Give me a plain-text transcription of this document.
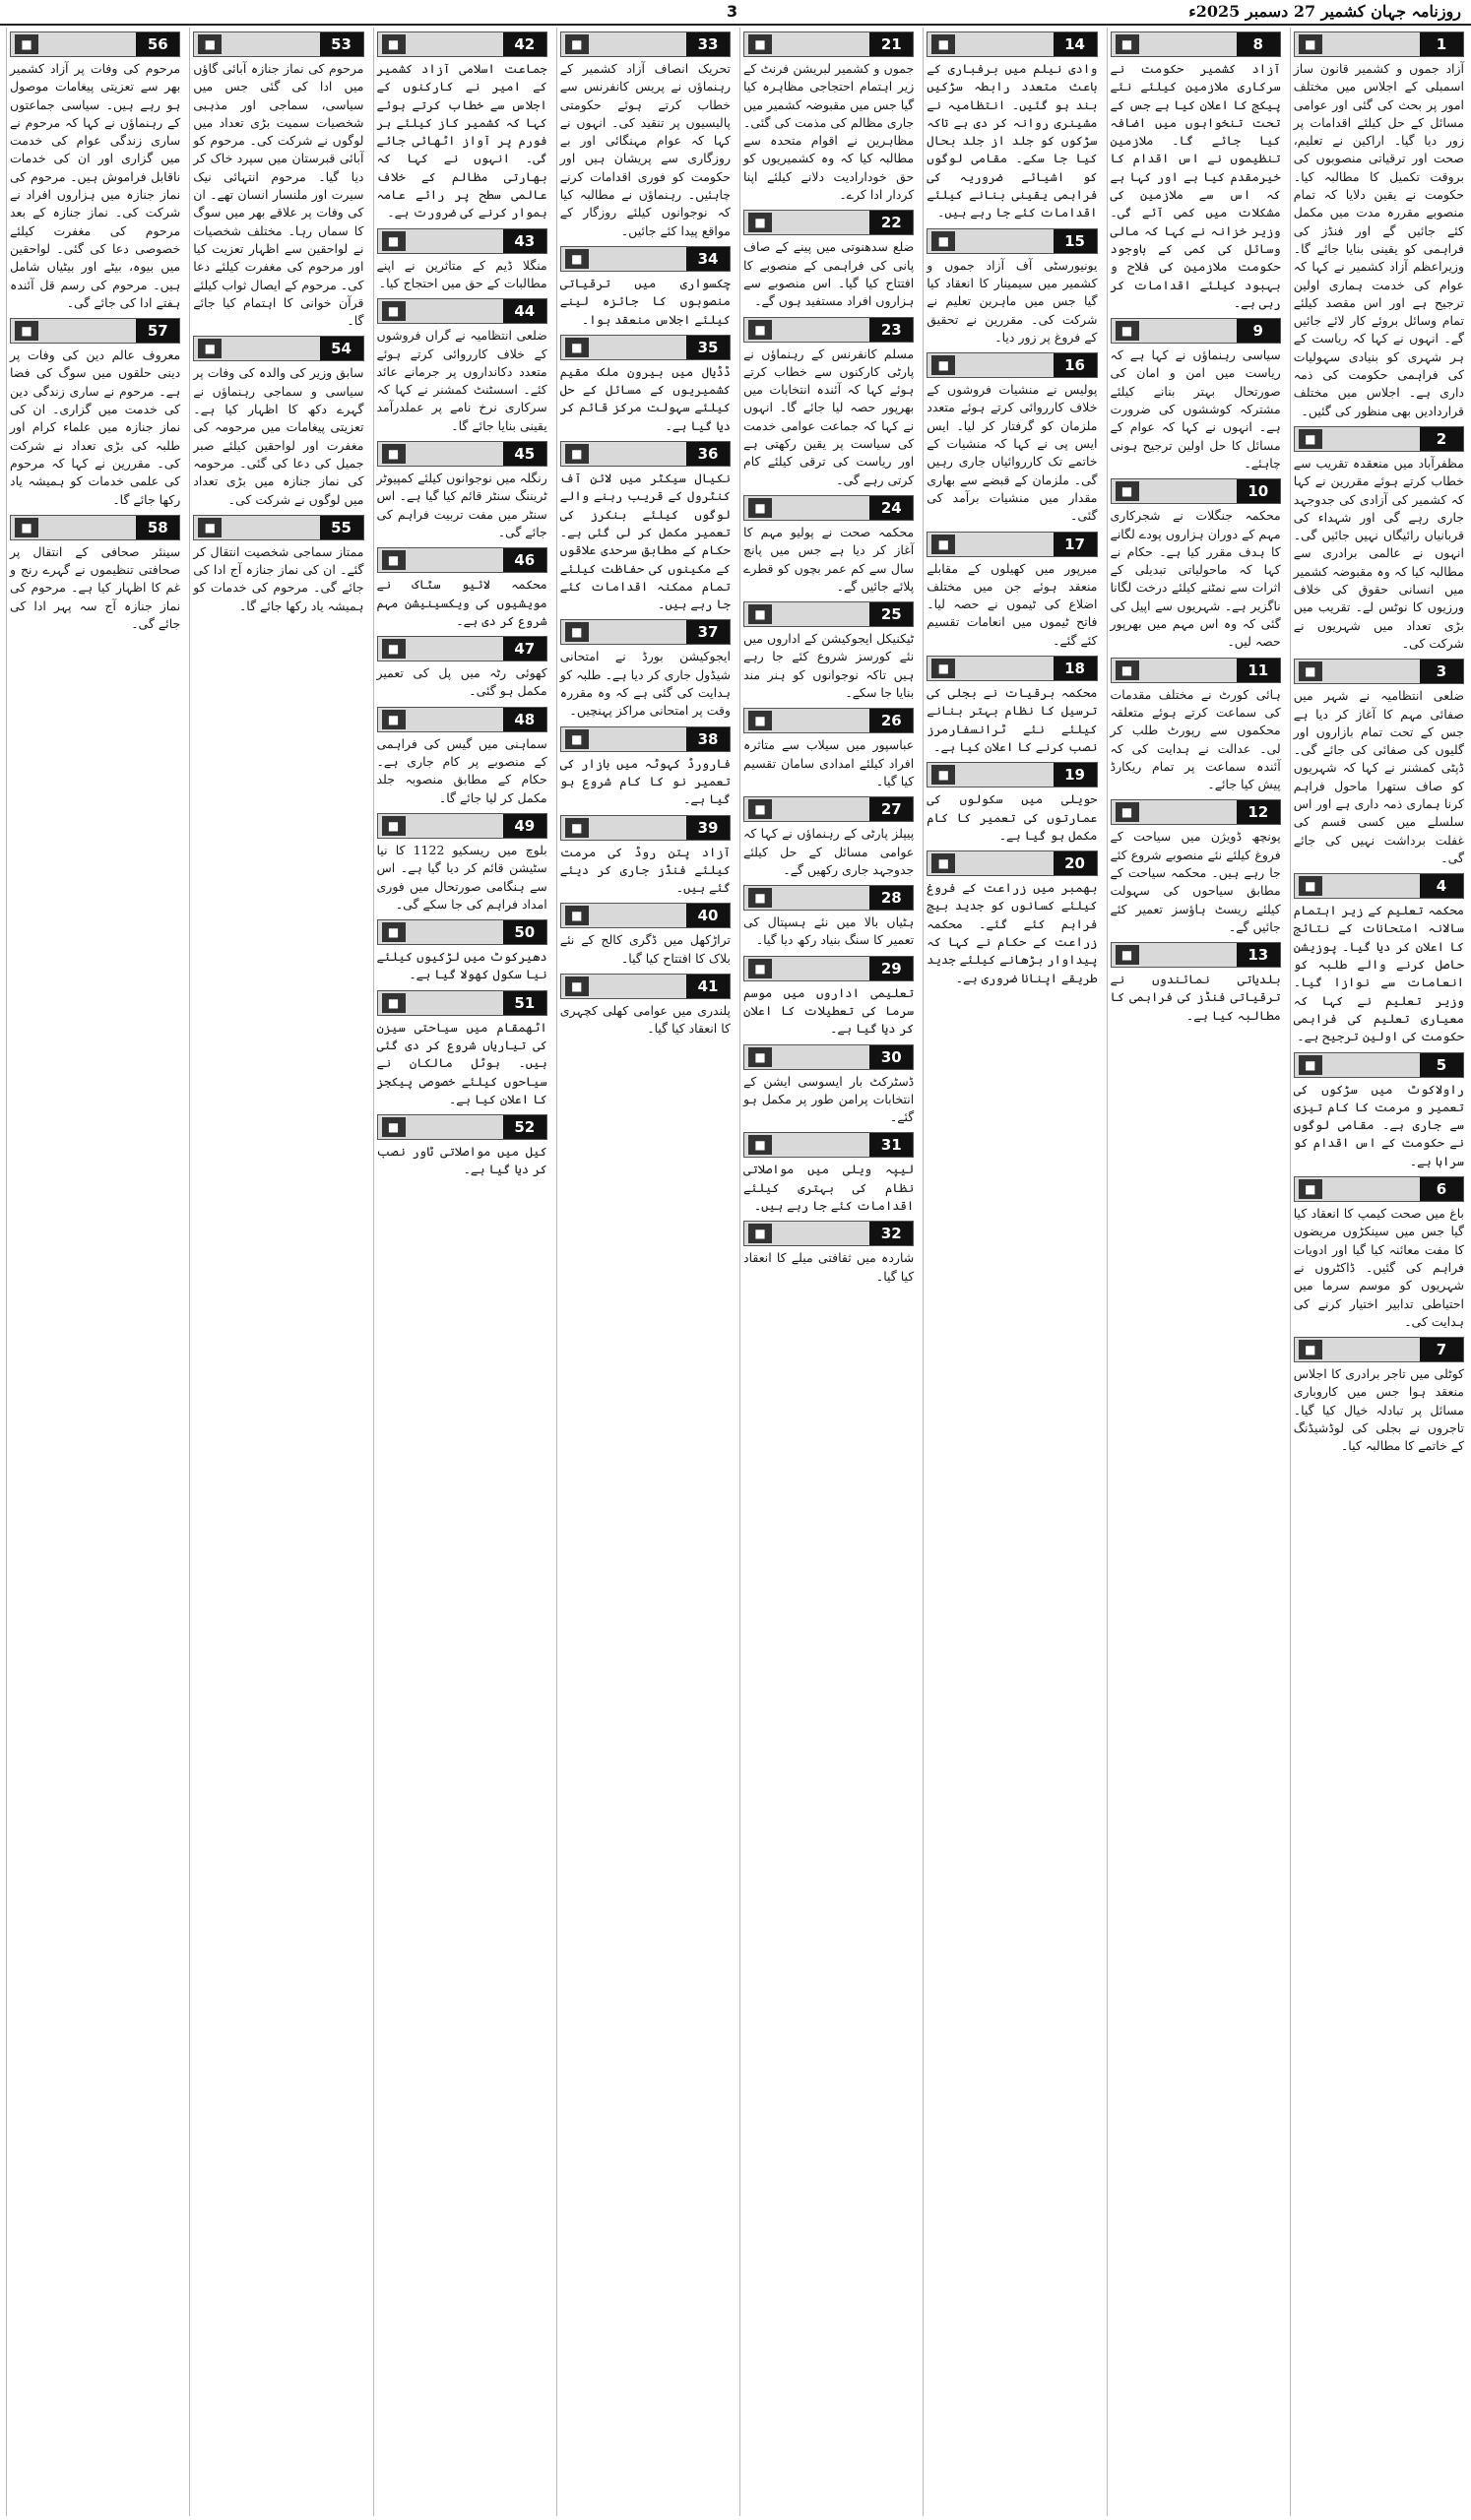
روزنامہ جہان کشمیر 27 دسمبر 2025ء
3
1
■
آزاد جموں و کشمیر قانون ساز اسمبلی کے اجلاس میں مختلف امور پر بحث کی گئی اور عوامی مسائل کے حل کیلئے اقدامات پر زور دیا گیا۔ اراکین نے تعلیم، صحت اور ترقیاتی منصوبوں کی بروقت تکمیل کا مطالبہ کیا۔ حکومت نے یقین دلایا کہ تمام منصوبے مقررہ مدت میں مکمل کئے جائیں گے اور فنڈز کی فراہمی کو یقینی بنایا جائے گا۔ وزیراعظم آزاد کشمیر نے کہا کہ عوام کی خدمت ہماری اولین ترجیح ہے اور اس مقصد کیلئے تمام وسائل بروئے کار لائے جائیں گے۔ انہوں نے کہا کہ ریاست کے ہر شہری کو بنیادی سہولیات کی فراہمی حکومت کی ذمہ داری ہے۔ اجلاس میں مختلف قراردادیں بھی منظور کی گئیں۔
2
■
مظفرآباد میں منعقدہ تقریب سے خطاب کرتے ہوئے مقررین نے کہا کہ کشمیر کی آزادی کی جدوجہد جاری رہے گی اور شہداء کی قربانیاں رائیگاں نہیں جائیں گی۔ انہوں نے عالمی برادری سے مطالبہ کیا کہ وہ مقبوضہ کشمیر میں انسانی حقوق کی خلاف ورزیوں کا نوٹس لے۔ تقریب میں بڑی تعداد میں شہریوں نے شرکت کی۔
3
■
ضلعی انتظامیہ نے شہر میں صفائی مہم کا آغاز کر دیا ہے جس کے تحت تمام بازاروں اور گلیوں کی صفائی کی جائے گی۔ ڈپٹی کمشنر نے کہا کہ شہریوں کو صاف ستھرا ماحول فراہم کرنا ہماری ذمہ داری ہے اور اس سلسلے میں کسی قسم کی غفلت برداشت نہیں کی جائے گی۔
4
■
محکمہ تعلیم کے زیر اہتمام سالانہ امتحانات کے نتائج کا اعلان کر دیا گیا۔ پوزیشن حاصل کرنے والے طلبہ کو انعامات سے نوازا گیا۔ وزیر تعلیم نے کہا کہ معیاری تعلیم کی فراہمی حکومت کی اولین ترجیح ہے۔
5
■
راولاکوٹ میں سڑکوں کی تعمیر و مرمت کا کام تیزی سے جاری ہے۔ مقامی لوگوں نے حکومت کے اس اقدام کو سراہا ہے۔
6
■
باغ میں صحت کیمپ کا انعقاد کیا گیا جس میں سینکڑوں مریضوں کا مفت معائنہ کیا گیا اور ادویات فراہم کی گئیں۔ ڈاکٹروں نے شہریوں کو موسم سرما میں احتیاطی تدابیر اختیار کرنے کی ہدایت کی۔
7
■
کوٹلی میں تاجر برادری کا اجلاس منعقد ہوا جس میں کاروباری مسائل پر تبادلہ خیال کیا گیا۔ تاجروں نے بجلی کی لوڈشیڈنگ کے خاتمے کا مطالبہ کیا۔
8
■
آزاد کشمیر حکومت نے سرکاری ملازمین کیلئے نئے پیکج کا اعلان کیا ہے جس کے تحت تنخواہوں میں اضافہ کیا جائے گا۔ ملازمین تنظیموں نے اس اقدام کا خیرمقدم کیا ہے اور کہا ہے کہ اس سے ملازمین کی مشکلات میں کمی آئے گی۔ وزیر خزانہ نے کہا کہ مالی وسائل کی کمی کے باوجود حکومت ملازمین کی فلاح و بہبود کیلئے اقدامات کر رہی ہے۔
9
■
سیاسی رہنماؤں نے کہا ہے کہ ریاست میں امن و امان کی صورتحال بہتر بنانے کیلئے مشترکہ کوششوں کی ضرورت ہے۔ انہوں نے کہا کہ عوام کے مسائل کا حل اولین ترجیح ہونی چاہئے۔
10
■
محکمہ جنگلات نے شجرکاری مہم کے دوران ہزاروں پودے لگانے کا ہدف مقرر کیا ہے۔ حکام نے کہا کہ ماحولیاتی تبدیلی کے اثرات سے نمٹنے کیلئے درخت لگانا ناگزیر ہے۔ شہریوں سے اپیل کی گئی کہ وہ اس مہم میں بھرپور حصہ لیں۔
11
■
ہائی کورٹ نے مختلف مقدمات کی سماعت کرتے ہوئے متعلقہ محکموں سے رپورٹ طلب کر لی۔ عدالت نے ہدایت کی کہ آئندہ سماعت پر تمام ریکارڈ پیش کیا جائے۔
12
■
پونچھ ڈویژن میں سیاحت کے فروغ کیلئے نئے منصوبے شروع کئے جا رہے ہیں۔ محکمہ سیاحت کے مطابق سیاحوں کی سہولت کیلئے ریسٹ ہاؤسز تعمیر کئے جائیں گے۔
13
■
بلدیاتی نمائندوں نے ترقیاتی فنڈز کی فراہمی کا مطالبہ کیا ہے۔
14
■
وادی نیلم میں برفباری کے باعث متعدد رابطہ سڑکیں بند ہو گئیں۔ انتظامیہ نے مشینری روانہ کر دی ہے تاکہ سڑکوں کو جلد از جلد بحال کیا جا سکے۔ مقامی لوگوں کو اشیائے ضروریہ کی فراہمی یقینی بنانے کیلئے اقدامات کئے جا رہے ہیں۔
15
■
یونیورسٹی آف آزاد جموں و کشمیر میں سیمینار کا انعقاد کیا گیا جس میں ماہرین تعلیم نے شرکت کی۔ مقررین نے تحقیق کے فروغ پر زور دیا۔
16
■
پولیس نے منشیات فروشوں کے خلاف کارروائی کرتے ہوئے متعدد ملزمان کو گرفتار کر لیا۔ ایس ایس پی نے کہا کہ منشیات کے خاتمے تک کارروائیاں جاری رہیں گی۔ ملزمان کے قبضے سے بھاری مقدار میں منشیات برآمد کی گئی۔
17
■
میرپور میں کھیلوں کے مقابلے منعقد ہوئے جن میں مختلف اضلاع کی ٹیموں نے حصہ لیا۔ فاتح ٹیموں میں انعامات تقسیم کئے گئے۔
18
■
محکمہ برقیات نے بجلی کی ترسیل کا نظام بہتر بنانے کیلئے نئے ٹرانسفارمرز نصب کرنے کا اعلان کیا ہے۔
19
■
حویلی میں سکولوں کی عمارتوں کی تعمیر کا کام مکمل ہو گیا ہے۔
20
■
بھمبر میں زراعت کے فروغ کیلئے کسانوں کو جدید بیج فراہم کئے گئے۔ محکمہ زراعت کے حکام نے کہا کہ پیداوار بڑھانے کیلئے جدید طریقے اپنانا ضروری ہے۔
21
■
جموں و کشمیر لبریشن فرنٹ کے زیر اہتمام احتجاجی مظاہرہ کیا گیا جس میں مقبوضہ کشمیر میں جاری مظالم کی مذمت کی گئی۔ مظاہرین نے اقوام متحدہ سے مطالبہ کیا کہ وہ کشمیریوں کو حق خودارادیت دلانے کیلئے اپنا کردار ادا کرے۔
22
■
ضلع سدھنوتی میں پینے کے صاف پانی کی فراہمی کے منصوبے کا افتتاح کیا گیا۔ اس منصوبے سے ہزاروں افراد مستفید ہوں گے۔
23
■
مسلم کانفرنس کے رہنماؤں نے پارٹی کارکنوں سے خطاب کرتے ہوئے کہا کہ آئندہ انتخابات میں بھرپور حصہ لیا جائے گا۔ انہوں نے کہا کہ جماعت عوامی خدمت کی سیاست پر یقین رکھتی ہے اور ریاست کی ترقی کیلئے کام کرتی رہے گی۔
24
■
محکمہ صحت نے پولیو مہم کا آغاز کر دیا ہے جس میں پانچ سال سے کم عمر بچوں کو قطرے پلائے جائیں گے۔
25
■
ٹیکنیکل ایجوکیشن کے اداروں میں نئے کورسز شروع کئے جا رہے ہیں تاکہ نوجوانوں کو ہنر مند بنایا جا سکے۔
26
■
عباسپور میں سیلاب سے متاثرہ افراد کیلئے امدادی سامان تقسیم کیا گیا۔
27
■
پیپلز پارٹی کے رہنماؤں نے کہا کہ عوامی مسائل کے حل کیلئے جدوجہد جاری رکھیں گے۔
28
■
ہٹیاں بالا میں نئے ہسپتال کی تعمیر کا سنگ بنیاد رکھ دیا گیا۔
29
■
تعلیمی اداروں میں موسم سرما کی تعطیلات کا اعلان کر دیا گیا ہے۔
30
■
ڈسٹرکٹ بار ایسوسی ایشن کے انتخابات پرامن طور پر مکمل ہو گئے۔
31
■
لیپہ ویلی میں مواصلاتی نظام کی بہتری کیلئے اقدامات کئے جا رہے ہیں۔
32
■
شاردہ میں ثقافتی میلے کا انعقاد کیا گیا۔
33
■
تحریک انصاف آزاد کشمیر کے رہنماؤں نے پریس کانفرنس سے خطاب کرتے ہوئے حکومتی پالیسیوں پر تنقید کی۔ انہوں نے کہا کہ عوام مہنگائی اور بے روزگاری سے پریشان ہیں اور حکومت کو فوری اقدامات کرنے چاہئیں۔ رہنماؤں نے مطالبہ کیا کہ نوجوانوں کیلئے روزگار کے مواقع پیدا کئے جائیں۔
34
■
چکسواری میں ترقیاتی منصوبوں کا جائزہ لینے کیلئے اجلاس منعقد ہوا۔
35
■
ڈڈیال میں بیرون ملک مقیم کشمیریوں کے مسائل کے حل کیلئے سہولت مرکز قائم کر دیا گیا ہے۔
36
■
نکیال سیکٹر میں لائن آف کنٹرول کے قریب رہنے والے لوگوں کیلئے بنکرز کی تعمیر مکمل کر لی گئی ہے۔ حکام کے مطابق سرحدی علاقوں کے مکینوں کی حفاظت کیلئے تمام ممکنہ اقدامات کئے جا رہے ہیں۔
37
■
ایجوکیشن بورڈ نے امتحانی شیڈول جاری کر دیا ہے۔ طلبہ کو ہدایت کی گئی ہے کہ وہ مقررہ وقت پر امتحانی مراکز پہنچیں۔
38
■
فارورڈ کہوٹہ میں بازار کی تعمیر نو کا کام شروع ہو گیا ہے۔
39
■
آزاد پتن روڈ کی مرمت کیلئے فنڈز جاری کر دیئے گئے ہیں۔
40
■
تراڑکھل میں ڈگری کالج کے نئے بلاک کا افتتاح کیا گیا۔
41
■
پلندری میں عوامی کھلی کچہری کا انعقاد کیا گیا۔
42
■
جماعت اسلامی آزاد کشمیر کے امیر نے کارکنوں کے اجلاس سے خطاب کرتے ہوئے کہا کہ کشمیر کاز کیلئے ہر فورم پر آواز اٹھائی جائے گی۔ انہوں نے کہا کہ بھارتی مظالم کے خلاف عالمی سطح پر رائے عامہ ہموار کرنے کی ضرورت ہے۔
43
■
منگلا ڈیم کے متاثرین نے اپنے مطالبات کے حق میں احتجاج کیا۔
44
■
ضلعی انتظامیہ نے گراں فروشوں کے خلاف کارروائی کرتے ہوئے متعدد دکانداروں پر جرمانے عائد کئے۔ اسسٹنٹ کمشنر نے کہا کہ سرکاری نرخ نامے پر عملدرآمد یقینی بنایا جائے گا۔
45
■
رنگلہ میں نوجوانوں کیلئے کمپیوٹر ٹریننگ سنٹر قائم کیا گیا ہے۔ اس سنٹر میں مفت تربیت فراہم کی جائے گی۔
46
■
محکمہ لائیو سٹاک نے مویشیوں کی ویکسینیشن مہم شروع کر دی ہے۔
47
■
کھوئی رٹہ میں پل کی تعمیر مکمل ہو گئی۔
48
■
سماہنی میں گیس کی فراہمی کے منصوبے پر کام جاری ہے۔ حکام کے مطابق منصوبہ جلد مکمل کر لیا جائے گا۔
49
■
بلوچ میں ریسکیو 1122 کا نیا سٹیشن قائم کر دیا گیا ہے۔ اس سے ہنگامی صورتحال میں فوری امداد فراہم کی جا سکے گی۔
50
■
دھیرکوٹ میں لڑکیوں کیلئے نیا سکول کھولا گیا ہے۔
51
■
اٹھمقام میں سیاحتی سیزن کی تیاریاں شروع کر دی گئی ہیں۔ ہوٹل مالکان نے سیاحوں کیلئے خصوصی پیکجز کا اعلان کیا ہے۔
52
■
کیل میں مواصلاتی ٹاور نصب کر دیا گیا ہے۔
53
■
مرحوم کی نماز جنازہ آبائی گاؤں میں ادا کی گئی جس میں سیاسی، سماجی اور مذہبی شخصیات سمیت بڑی تعداد میں لوگوں نے شرکت کی۔ مرحوم کو آبائی قبرستان میں سپرد خاک کر دیا گیا۔ مرحوم انتہائی نیک سیرت اور ملنسار انسان تھے۔ ان کی وفات پر علاقے بھر میں سوگ کا سماں رہا۔ مختلف شخصیات نے لواحقین سے اظہار تعزیت کیا اور مرحوم کی مغفرت کیلئے دعا کی۔ مرحوم کے ایصال ثواب کیلئے قرآن خوانی کا اہتمام کیا جائے گا۔
54
■
سابق وزیر کی والدہ کی وفات پر سیاسی و سماجی رہنماؤں نے گہرے دکھ کا اظہار کیا ہے۔ تعزیتی پیغامات میں مرحومہ کی مغفرت اور لواحقین کیلئے صبر جمیل کی دعا کی گئی۔ مرحومہ کی نماز جنازہ میں بڑی تعداد میں لوگوں نے شرکت کی۔
55
■
ممتاز سماجی شخصیت انتقال کر گئے۔ ان کی نماز جنازہ آج ادا کی جائے گی۔ مرحوم کی خدمات کو ہمیشہ یاد رکھا جائے گا۔
56
■
مرحوم کی وفات پر آزاد کشمیر بھر سے تعزیتی پیغامات موصول ہو رہے ہیں۔ سیاسی جماعتوں کے رہنماؤں نے کہا کہ مرحوم نے ساری زندگی عوام کی خدمت میں گزاری اور ان کی خدمات ناقابل فراموش ہیں۔ مرحوم کی نماز جنازہ میں ہزاروں افراد نے شرکت کی۔ نماز جنازہ کے بعد مرحوم کی مغفرت کیلئے خصوصی دعا کی گئی۔ لواحقین میں بیوہ، بیٹے اور بیٹیاں شامل ہیں۔ مرحوم کی رسم قل آئندہ ہفتے ادا کی جائے گی۔
57
■
معروف عالم دین کی وفات پر دینی حلقوں میں سوگ کی فضا ہے۔ مرحوم نے ساری زندگی دین کی خدمت میں گزاری۔ ان کی نماز جنازہ میں علماء کرام اور طلبہ کی بڑی تعداد نے شرکت کی۔ مقررین نے کہا کہ مرحوم کی علمی خدمات کو ہمیشہ یاد رکھا جائے گا۔
58
■
سینئر صحافی کے انتقال پر صحافتی تنظیموں نے گہرے رنج و غم کا اظہار کیا ہے۔ مرحوم کی نماز جنازہ آج سہ پہر ادا کی جائے گی۔
